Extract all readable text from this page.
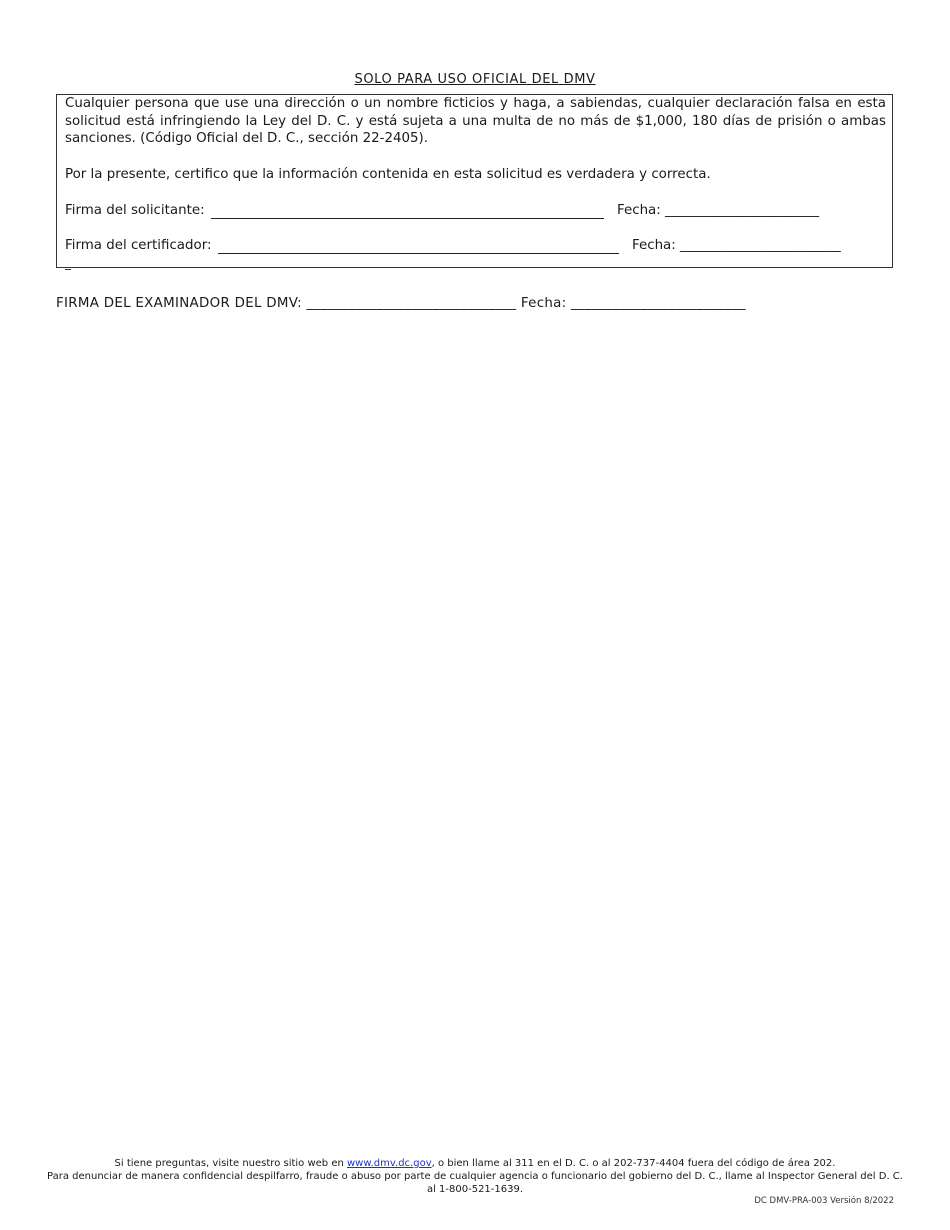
SOLO PARA USO OFICIAL DEL DMV
Cualquier persona que use una dirección o un nombre ficticios y haga, a sabiendas, cualquier declaración falsa en esta solicitud está infringiendo la Ley del D. C. y está sujeta a una multa de no más de $1,000, 180 días de prisión o ambas sanciones. (Código Oficial del D. C., sección 22-2405).
Por la presente, certifico que la información contenida en esta solicitud es verdadera y correcta.
Firma del solicitante:	Fecha: _______________________
Firma del certificador:	Fecha: ________________________
_
FIRMA DEL EXAMINADOR DEL DMV: ______________________________ Fecha: _________________________
Si tiene preguntas, visite nuestro sitio web en www.dmv.dc.gov, o bien llame al 311 en el D. C. o al 202-737-4404 fuera del código de área 202.
Para denunciar de manera confidencial despilfarro, fraude o abuso por parte de cualquier agencia o funcionario del gobierno del D. C., llame al Inspector General del D. C.
al 1-800-521-1639.
DC DMV-PRA-003 Versión 8/2022
